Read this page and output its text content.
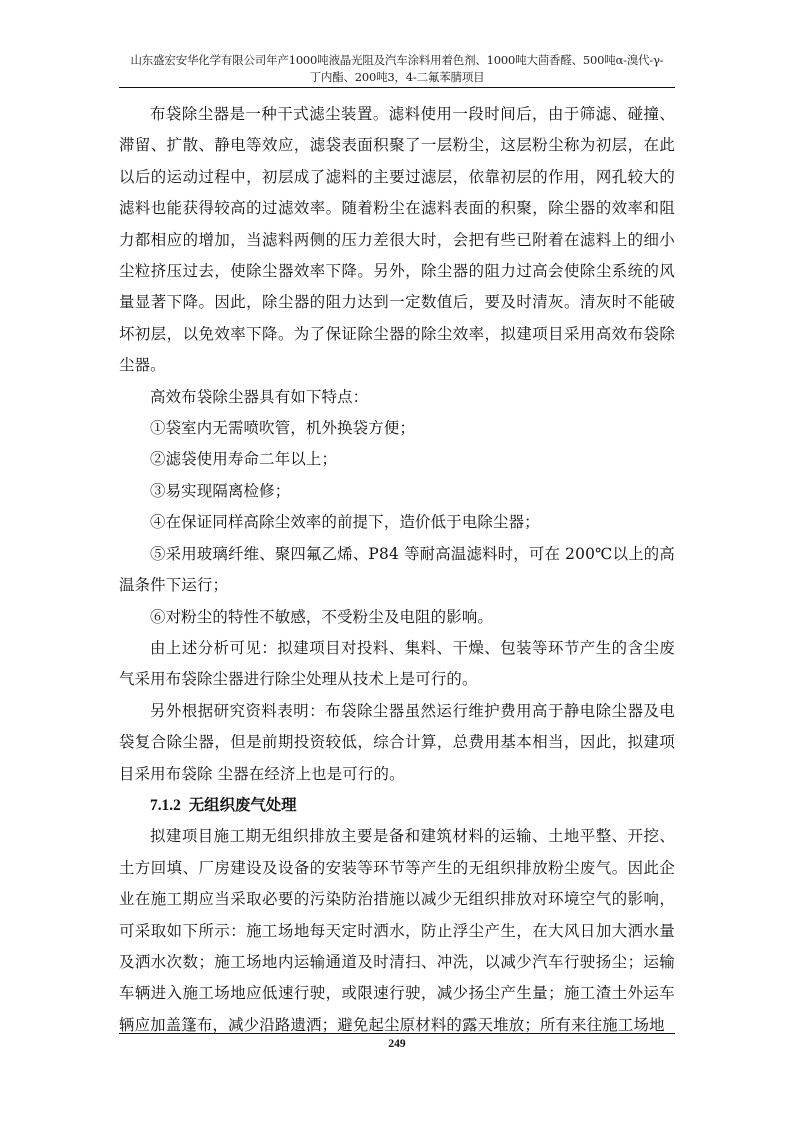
山东盛宏安华化学有限公司年产1000吨液晶光阻及汽车涂料用着色剂、1000吨大茴香醛、500吨α-溴代-γ-
丁内酯、200吨3，4-二氟苯腈项目

布袋除尘器是一种干式滤尘装置。滤料使用一段时间后，由于筛滤、碰撞、滞留、扩散、静电等效应，滤袋表面积聚了一层粉尘，这层粉尘称为初层，在此以后的运动过程中，初层成了滤料的主要过滤层，依靠初层的作用，网孔较大的滤料也能获得较高的过滤效率。随着粉尘在滤料表面的积聚，除尘器的效率和阻力都相应的增加，当滤料两侧的压力差很大时，会把有些已附着在滤料上的细小尘粒挤压过去，使除尘器效率下降。另外，除尘器的阻力过高会使除尘系统的风量显著下降。因此，除尘器的阻力达到一定数值后，要及时清灰。清灰时不能破坏初层，以免效率下降。为了保证除尘器的除尘效率，拟建项目采用高效布袋除尘器。

高效布袋除尘器具有如下特点：

①袋室内无需喷吹管，机外换袋方便；

②滤袋使用寿命二年以上；

③易实现隔离检修；

④在保证同样高除尘效率的前提下，造价低于电除尘器；

⑤采用玻璃纤维、聚四氟乙烯、P84 等耐高温滤料时，可在 200℃以上的高温条件下运行；

⑥对粉尘的特性不敏感，不受粉尘及电阻的影响。

由上述分析可见：拟建项目对投料、集料、干燥、包装等环节产生的含尘废气采用布袋除尘器进行除尘处理从技术上是可行的。

另外根据研究资料表明：布袋除尘器虽然运行维护费用高于静电除尘器及电袋复合除尘器，但是前期投资较低，综合计算，总费用基本相当，因此，拟建项目采用布袋除 尘器在经济上也是可行的。

7.1.2 无组织废气处理

拟建项目施工期无组织排放主要是备和建筑材料的运输、土地平整、开挖、土方回填、厂房建设及设备的安装等环节等产生的无组织排放粉尘废气。因此企业在施工期应当采取必要的污染防治措施以减少无组织排放对环境空气的影响，可采取如下所示：施工场地每天定时洒水，防止浮尘产生，在大风日加大洒水量及洒水次数；施工场地内运输通道及时清扫、冲洗，以减少汽车行驶扬尘；运输车辆进入施工场地应低速行驶，或限速行驶，减少扬尘产生量；施工渣土外运车辆应加盖篷布，减少沿路遗洒；避免起尘原材料的露天堆放；所有来往施工场地

249
